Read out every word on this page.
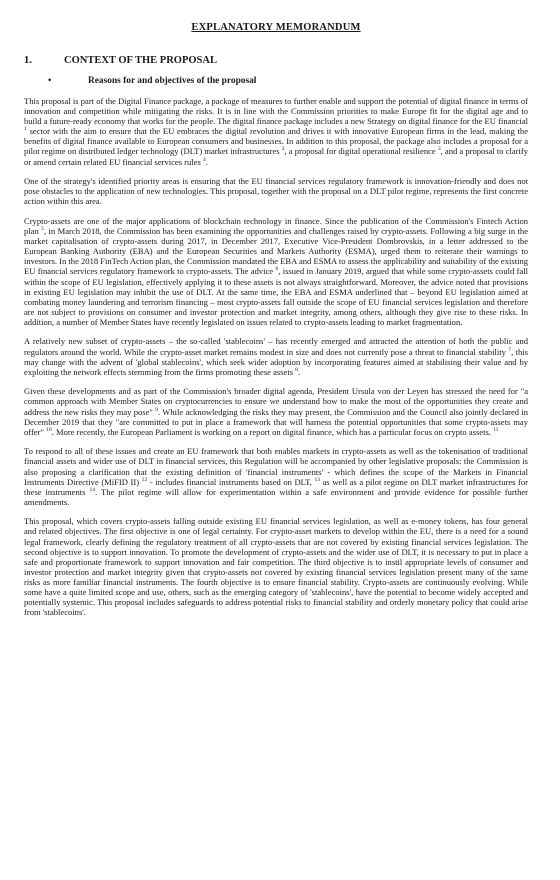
EXPLANATORY MEMORANDUM
1.	CONTEXT OF THE PROPOSAL
•	Reasons for and objectives of the proposal

This proposal is part of the Digital Finance package, a package of measures to further enable and support the potential of digital finance in terms of innovation and competition while mitigating the risks. It is in line with the Commission priorities to make Europe fit for the digital age and to build a future-ready economy that works for the people. The digital finance package includes a new Strategy on digital finance for the EU financial $^1$ sector with the aim to ensure that the EU embraces the digital revolution and drives it with innovative European firms in the lead, making the benefits of digital finance available to European consumers and businesses. In addition to this proposal, the package also includes a proposal for a pilot regime on distributed ledger technology (DLT) market infrastructures $^2$, a proposal for digital operational resilience $^3$, and a proposal to clarify or amend certain related EU financial services rules $^4$.

One of the strategy's identified priority areas is ensuring that the EU financial services regulatory framework is innovation-friendly and does not pose obstacles to the application of new technologies. This proposal, together with the proposal on a DLT pilot regime, represents the first concrete action within this area.

Crypto-assets are one of the major applications of blockchain technology in finance. Since the publication of the Commission's Fintech Action plan $^5$, in March 2018, the Commission has been examining the opportunities and challenges raised by crypto-assets. Following a big surge in the market capitalisation of crypto-assets during 2017, in December 2017, Executive Vice-President Dombrovskis, in a letter addressed to the European Banking Authority (EBA) and the European Securities and Markets Authority (ESMA), urged them to reiterate their warnings to investors. In the 2018 FinTech Action plan, the Commission mandated the EBA and ESMA to assess the applicability and suitability of the existing EU financial services regulatory framework to crypto-assets. The advice $^6$, issued in January 2019, argued that while some crypto-assets could fall within the scope of EU legislation, effectively applying it to these assets is not always straightforward. Moreover, the advice noted that provisions in existing EU legislation may inhibit the use of DLT. At the same time, the EBA and ESMA underlined that – beyond EU legislation aimed at combating money laundering and terrorism financing – most crypto-assets fall outside the scope of EU financial services legislation and therefore are not subject to provisions on consumer and investor protection and market integrity, among others, although they give rise to these risks. In addition, a number of Member States have recently legislated on issues related to crypto-assets leading to market fragmentation.

A relatively new subset of crypto-assets – the so-called 'stablecoins' – has recently emerged and attracted the attention of both the public and regulators around the world. While the crypto-asset market remains modest in size and does not currently pose a threat to financial stability $^7$, this may change with the advent of 'global stablecoins', which seek wider adoption by incorporating features aimed at stabilising their value and by exploiting the network effects stemming from the firms promoting these assets $^8$.

Given these developments and as part of the Commission's broader digital agenda, President Ursula von der Leyen has stressed the need for "a common approach with Member States on cryptocurrencies to ensure we understand how to make the most of the opportunities they create and address the new risks they may pose" $^9$. While acknowledging the risks they may present, the Commission and the Council also jointly declared in December 2019 that they "are committed to put in place a framework that will harness the potential opportunities that some crypto-assets may offer" $^{10}$. More recently, the European Parliament is working on a report on digital finance, which has a particular focus on crypto assets. $^{11}$

To respond to all of these issues and create an EU framework that both enables markets in crypto-assets as well as the tokenisation of traditional financial assets and wider use of DLT in financial services, this Regulation will be accompanied by other legislative proposals: the Commission is also proposing a clarification that the existing definition of 'financial instruments' - which defines the scope of the Markets in Financial Instruments Directive (MiFID II) $^{12}$ - includes financial instruments based on DLT, $^{13}$ as well as a pilot regime on DLT market infrastructures for these instruments $^{14}$. The pilot regime will allow for experimentation within a safe environment and provide evidence for possible further amendments.

This proposal, which covers crypto-assets falling outside existing EU financial services legislation, as well as e-money tokens, has four general and related objectives. The first objective is one of legal certainty. For crypto-asset markets to develop within the EU, there is a need for a sound legal framework, clearly defining the regulatory treatment of all crypto-assets that are not covered by existing financial services legislation. The second objective is to support innovation. To promote the development of crypto-assets and the wider use of DLT, it is necessary to put in place a safe and proportionate framework to support innovation and fair competition. The third objective is to instil appropriate levels of consumer and investor protection and market integrity given that crypto-assets not covered by existing financial services legislation present many of the same risks as more familiar financial instruments. The fourth objective is to ensure financial stability. Crypto-assets are continuously evolving. While some have a quite limited scope and use, others, such as the emerging category of 'stablecoins', have the potential to become widely accepted and potentially systemic. This proposal includes safeguards to address potential risks to financial stability and orderly monetary policy that could arise from 'stablecoins'.
